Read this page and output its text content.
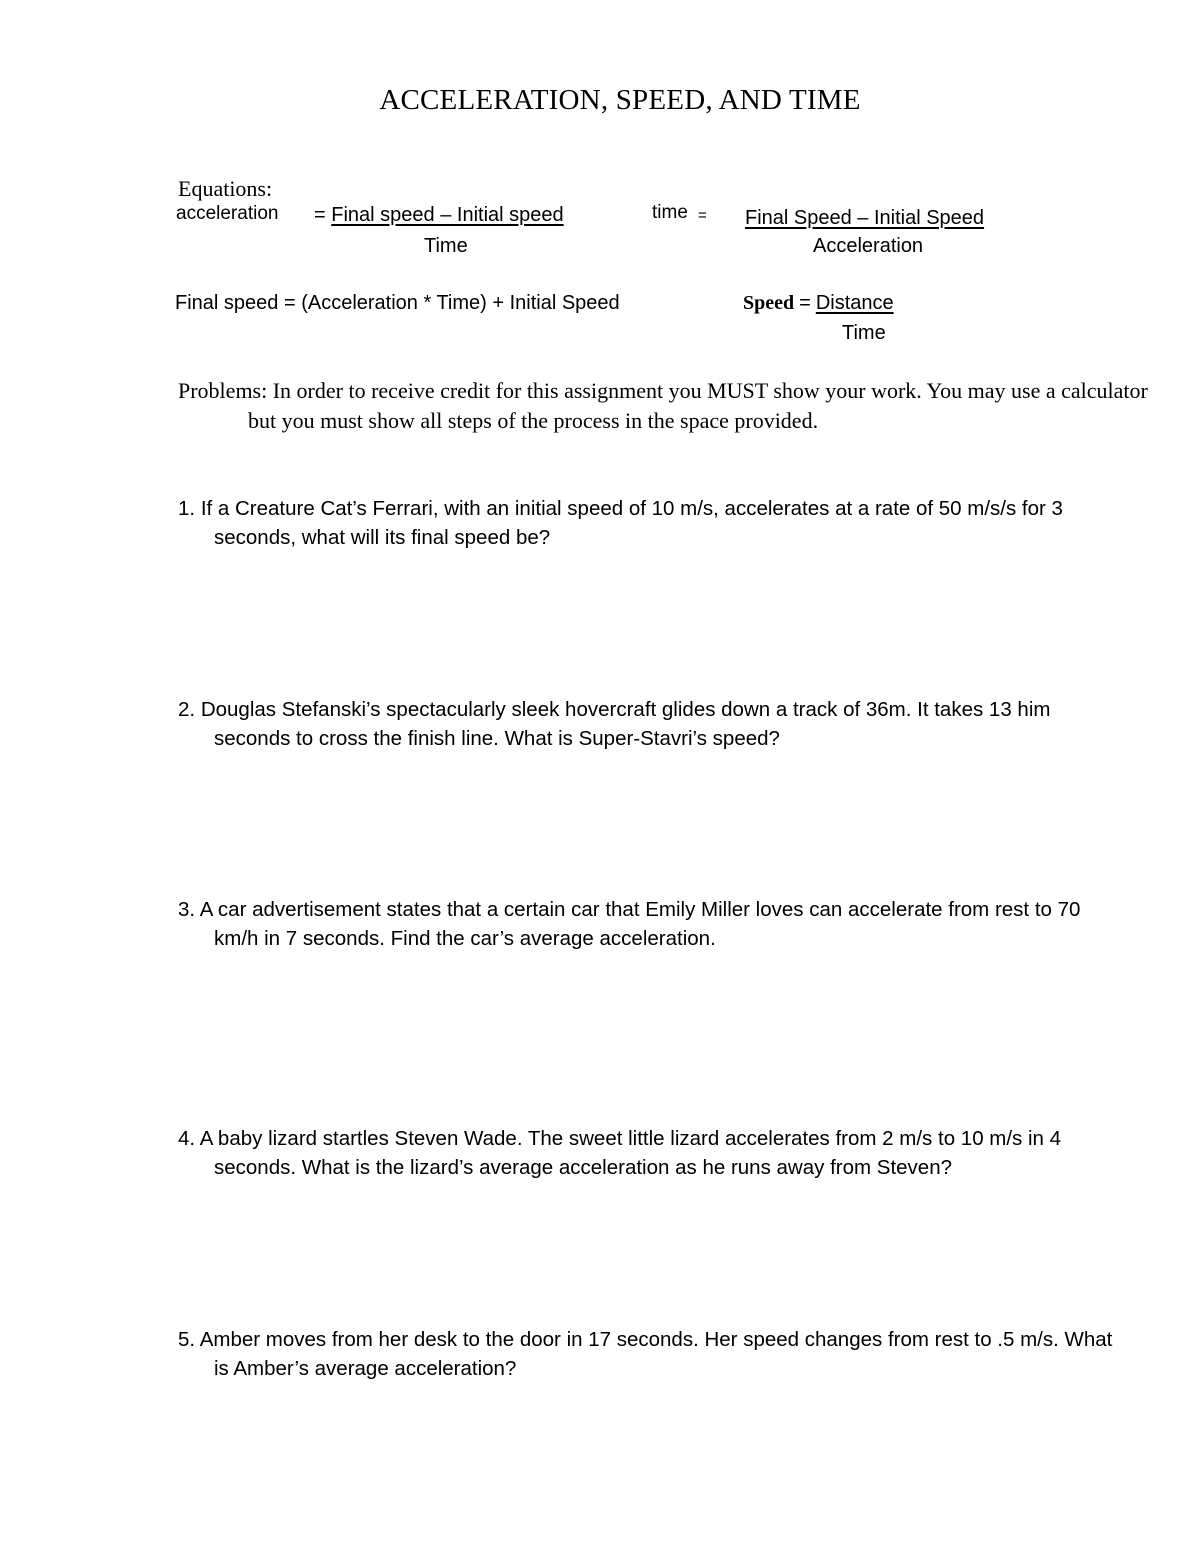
ACCELERATION, SPEED, AND TIME
Equations:
acceleration = Final speed – Initial speed
Time
time = Final Speed – Initial Speed
Acceleration
Final speed = (Acceleration * Time) + Initial Speed	Speed = Distance
Time
Problems: In order to receive credit for this assignment you MUST show your work. You may use a calculator but you must show all steps of the process in the space provided.
1. If a Creature Cat’s Ferrari, with an initial speed of 10 m/s, accelerates at a rate of 50 m/s/s for 3 seconds, what will its final speed be?
2. Douglas Stefanski’s spectacularly sleek hovercraft glides down a track of 36m. It takes 13 him seconds to cross the finish line. What is Super-Stavri’s speed?
3. A car advertisement states that a certain car that Emily Miller loves can accelerate from rest to 70 km/h in 7 seconds. Find the car’s average acceleration.
4. A baby lizard startles Steven Wade. The sweet little lizard accelerates from 2 m/s to 10 m/s in 4 seconds. What is the lizard’s average acceleration as he runs away from Steven?
5. Amber moves from her desk to the door in 17 seconds. Her speed changes from rest to .5 m/s. What is Amber’s average acceleration?
